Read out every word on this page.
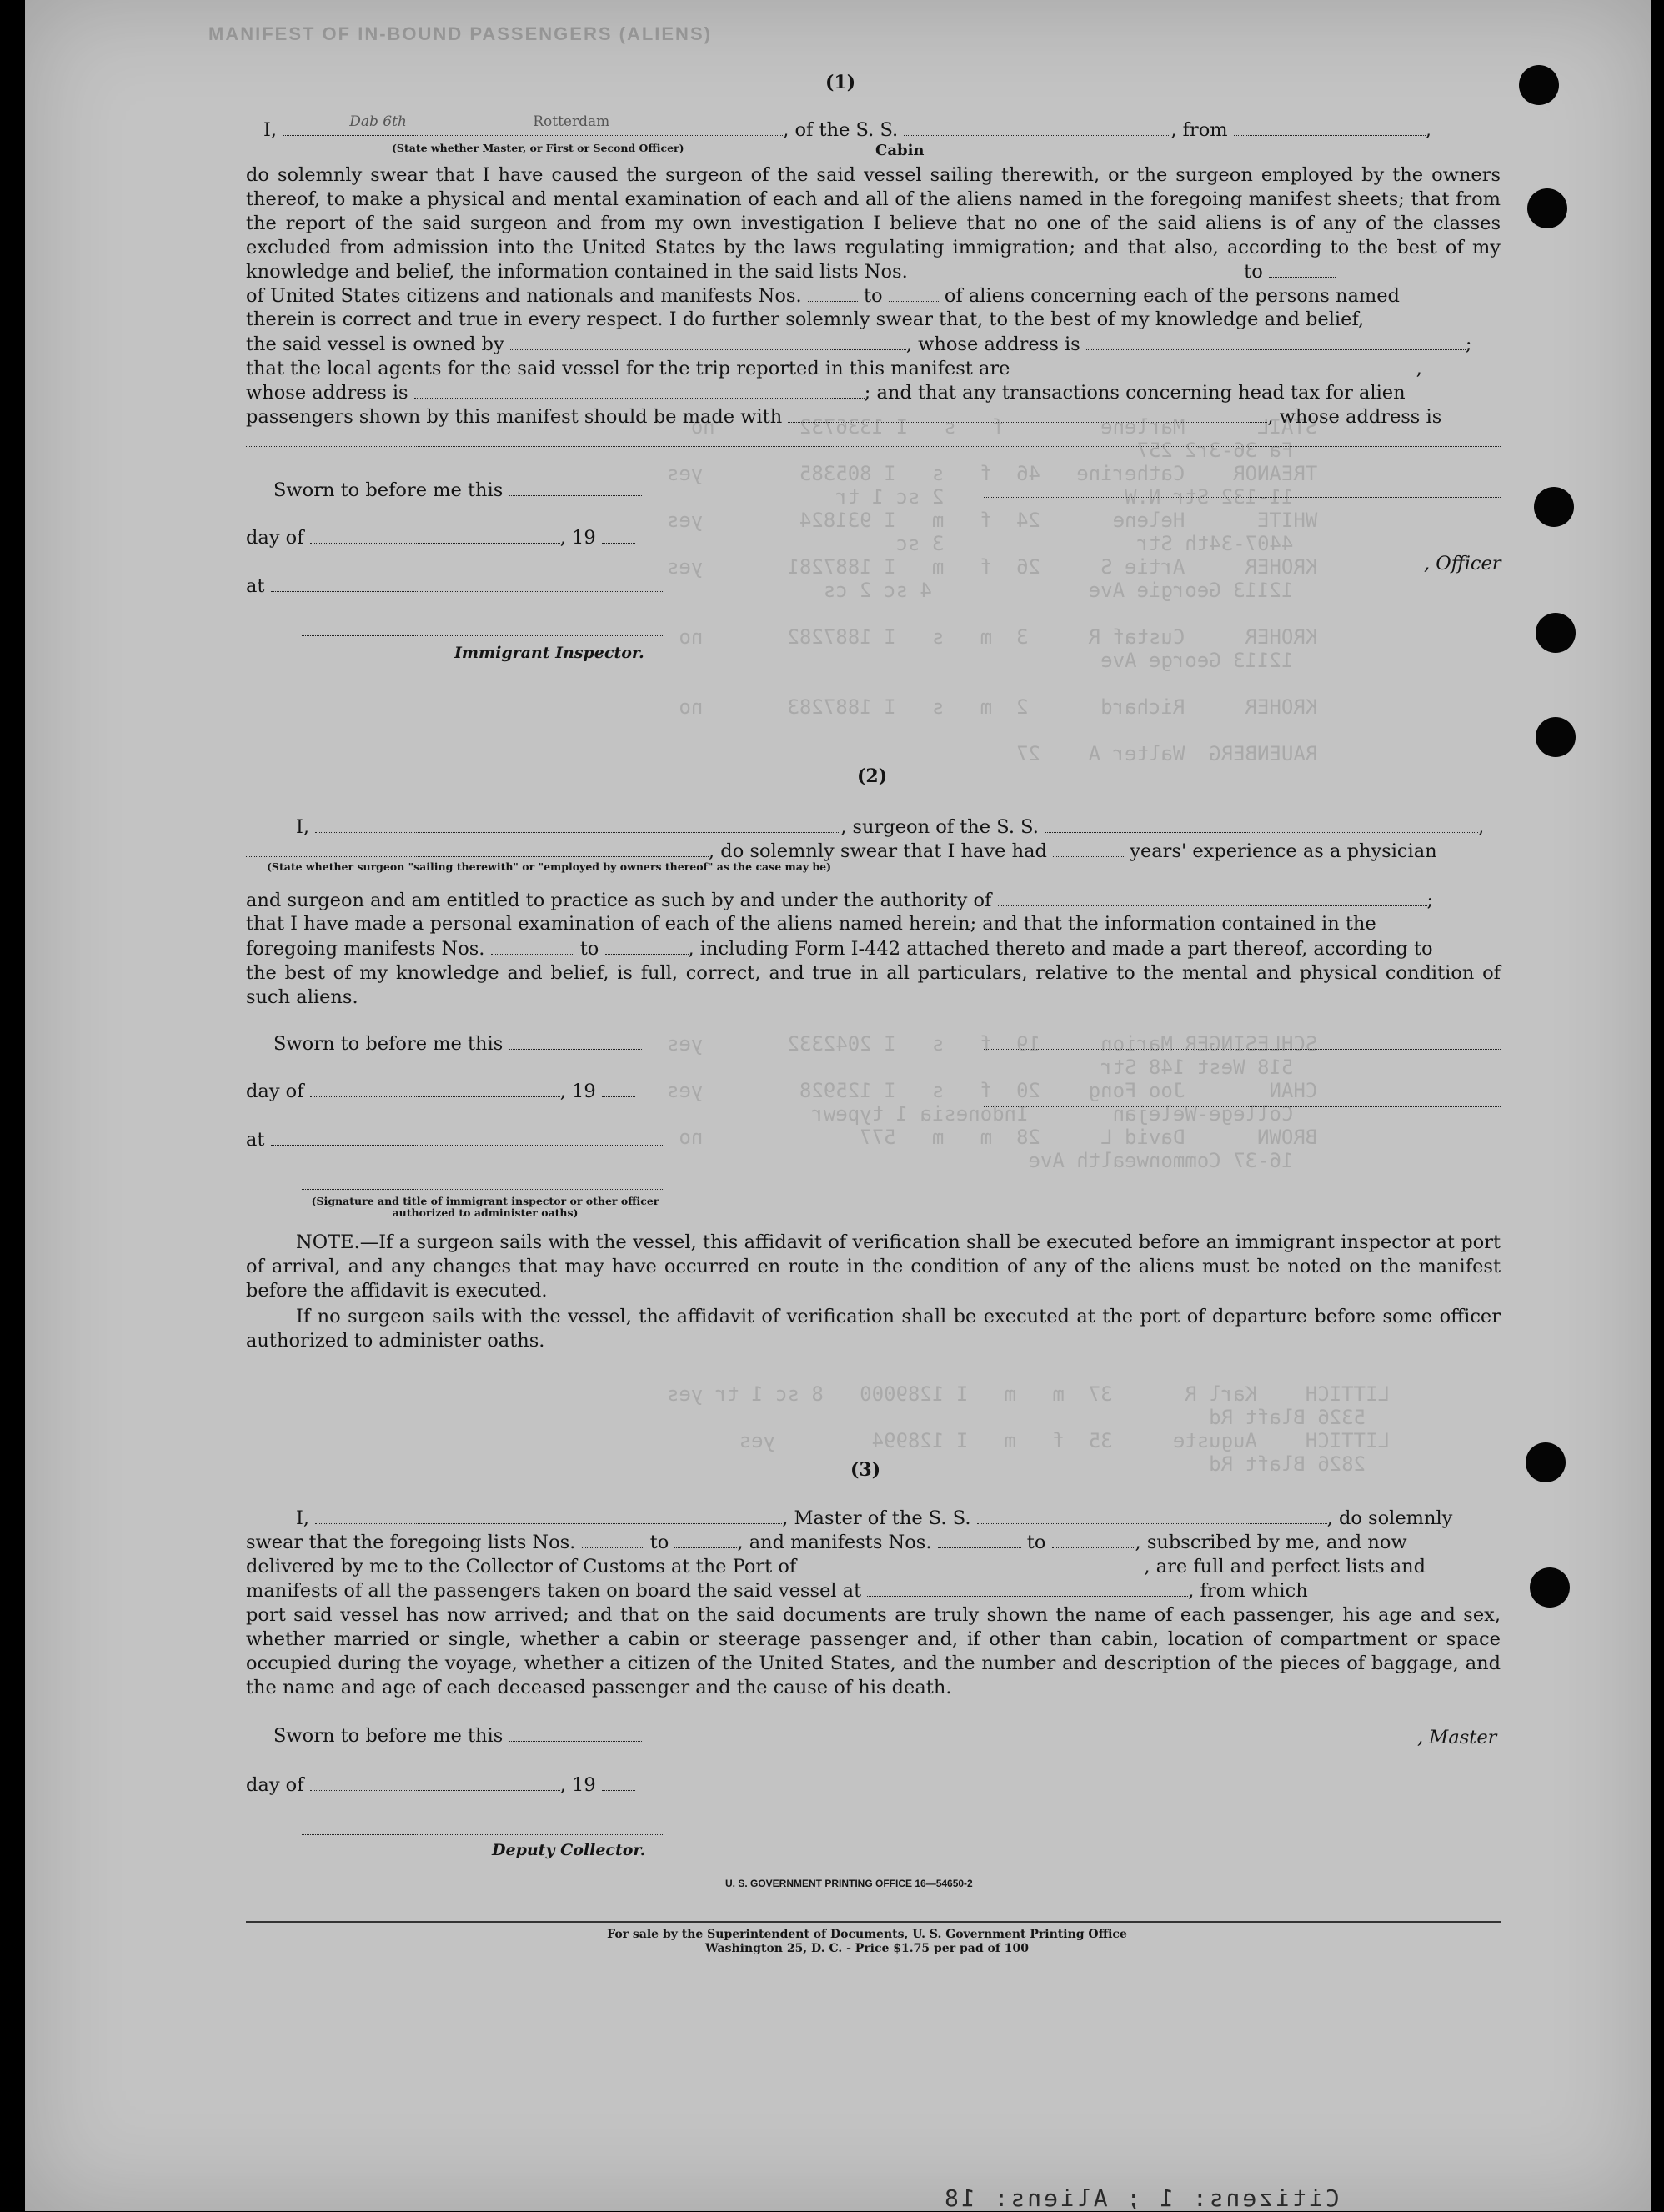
MANIFEST OF IN-BOUND PASSENGERS (ALIENS)

STAIL      Marlene        f   s   I 1336732       no
Fa 36-3r2 257
TREANOR    Catherine   46  f   s   I 805385        yes
11-132 Str N.W               2 sc 1 tr
WHITE      Helene      24  f   m   I 931824        yes
4407-34th Str                3 sc
KROHER     Artie S     26  f   m   I 1887281       yes
12113 Georgie Ave             4 sc 2 cs

KROHER     Custaf R     3  m   s   I 1887282       no
12113 George Ave

KROHER     Richard      2  m   s   I 1887283       no

RAUENBERG  Walter A    27

SCHLESINGER Marion     19  f   s   I 2042332       yes
518 West 148 Str
CHAN       Joo Fong    20  f   s   I 125928        yes
College-Welejan       Indonesia 1 typewr
BROWN      David L     28  m   m   577             no
16-37 Commonwealth Ave

LITTICH    Karl R      37  m   m   I 1289000   8 sc 1 tr yes
5326 Blaft Rd
LITTICH    Auguste     35  f   m   I 128994        yes
2826 Blaft Rd

(1)
I,	Dab 6th	Rotterdam	, of the S. S.	, from	,
(State whether Master, or First or Second Officer)	Cabin
do solemnly swear that I have caused the surgeon of the said vessel sailing therewith, or the surgeon employed by the owners thereof, to make a physical and mental examination of each and all of the aliens named in the foregoing manifest sheets; that from the report of the said surgeon and from my own investigation I believe that no one of the said aliens is of any of the classes excluded from admission into the United States by the laws regulating immigration; and that also, according to the best of my knowledge and belief, the information contained in the said lists Nos.	to
of United States citizens and nationals and manifests Nos.	to	of aliens concerning each of the persons named
therein is correct and true in every respect. I do further solemnly swear that, to the best of my knowledge and belief,
the said vessel is owned by	, whose address is	;
that the local agents for the said vessel for the trip reported in this manifest are	,
whose address is	; and that any transactions concerning head tax for alien
passengers shown by this manifest should be made with	, whose address is
Sworn to before me this
day of	, 19
, Officer
at
Immigrant Inspector.
(2)
I,	, surgeon of the S. S.	,
, do solemnly swear that I have had	years' experience as a physician
(State whether surgeon "sailing therewith" or "employed by owners thereof" as the case may be)
and surgeon and am entitled to practice as such by and under the authority of	;
that I have made a personal examination of each of the aliens named herein; and that the information contained in the
foregoing manifests Nos.	to	, including Form I-442 attached thereto and made a part thereof, according to
the best of my knowledge and belief, is full, correct, and true in all particulars, relative to the mental and physical condition of such aliens.
Sworn to before me this
day of	, 19
at
(Signature and title of immigrant inspector or other officer authorized to administer oaths)
NOTE.—If a surgeon sails with the vessel, this affidavit of verification shall be executed before an immigrant inspector at port of arrival, and any changes that may have occurred en route in the condition of any of the aliens must be noted on the manifest before the affidavit is executed.
If no surgeon sails with the vessel, the affidavit of verification shall be executed at the port of departure before some officer authorized to administer oaths.
(3)
I,	, Master of the S. S.	, do solemnly
swear that the foregoing lists Nos.	to	, and manifests Nos.	to	, subscribed by me, and now
delivered by me to the Collector of Customs at the Port of	, are full and perfect lists and
manifests of all the passengers taken on board the said vessel at	, from which
port said vessel has now arrived; and that on the said documents are truly shown the name of each passenger, his age and sex, whether married or single, whether a cabin or steerage passenger and, if other than cabin, location of compartment or space occupied during the voyage, whether a citizen of the United States, and the number and description of the pieces of baggage, and the name and age of each deceased passenger and the cause of his death.
Sworn to before me this	, Master
day of	, 19
Deputy Collector.
U. S. GOVERNMENT PRINTING OFFICE 16—54650-2
For sale by the Superintendent of Documents, U. S. Government Printing Office
Washington 25, D. C. - Price $1.75 per pad of 100
Citizens: 1 ; Aliens: 18
